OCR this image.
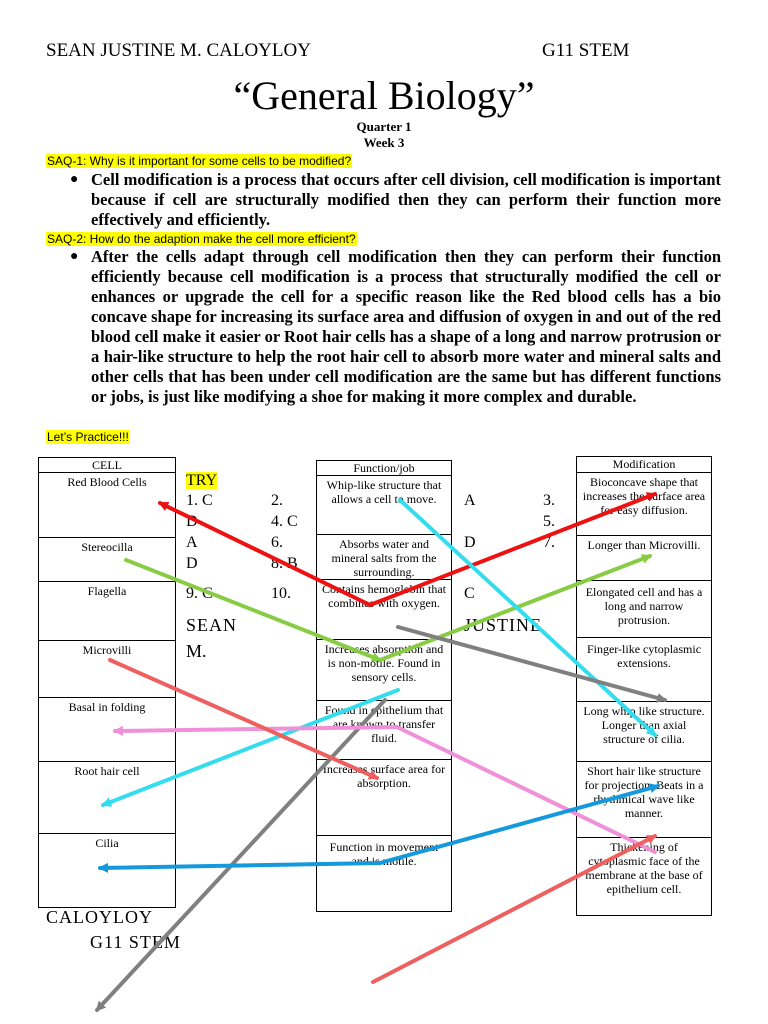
SEAN JUSTINE M. CALOYLOY	G11 STEM
“General Biology”
Quarter 1
Week 3
SAQ-1: Why is it important for some cells to be modified?
● Cell modification is a process that occurs after cell division, cell modification is important because if cell are structurally modified then they can perform their function more effectively and efficiently.
SAQ-2: How do the adaption make the cell more efficient?
● After the cells adapt through cell modification then they can perform their function efficiently because cell modification is a process that structurally modified the cell or enhances or upgrade the cell for a specific reason like the Red blood cells has a bio concave shape for increasing its surface area and diffusion of oxygen in and out of the red blood cell make it easier or Root hair cells has a shape of a long and narrow protrusion or a hair-like structure to help the root hair cell to absorb more water and mineral salts and other cells that has been under cell modification are the same but has different functions or jobs, is just like modifying a shoe for making it more complex and durable.
Let’s Practice!!!
CELL
Red Blood Cells
Stereocilla
Flagella
Microvilli
Basal in folding
Root hair cell
Cilia
Function/job
Whip-like structure that allows a cell to move.
Absorbs water and mineral salts from the surrounding.
Contains hemoglobin that combines with oxygen.
Increases absorption and is non-motile. Found in sensory cells.
Found in epithelium that are known to transfer fluid.
Increases surface area for absorption.
Function in movement and is motile.
Modification
Bioconcave shape that increases the surface area for easy diffusion.
Longer than Microvilli.
Elongated cell and has a long and narrow protrusion.
Finger-like cytoplasmic extensions.
Long whip like structure. Longer than axial structure of cilia.
Short hair like structure for projection. Beats in a rhythmical wave like manner.
Thickening of cytoplasmic face of the membrane at the base of epithelium cell.
TRY
1. C
D
A
D
9. C
2.
4. C
6.
8. B
10.
A
D
C
3.
5.
7.
SEAN
M.
JUSTINE
CALOYLOY
G11 STEM
